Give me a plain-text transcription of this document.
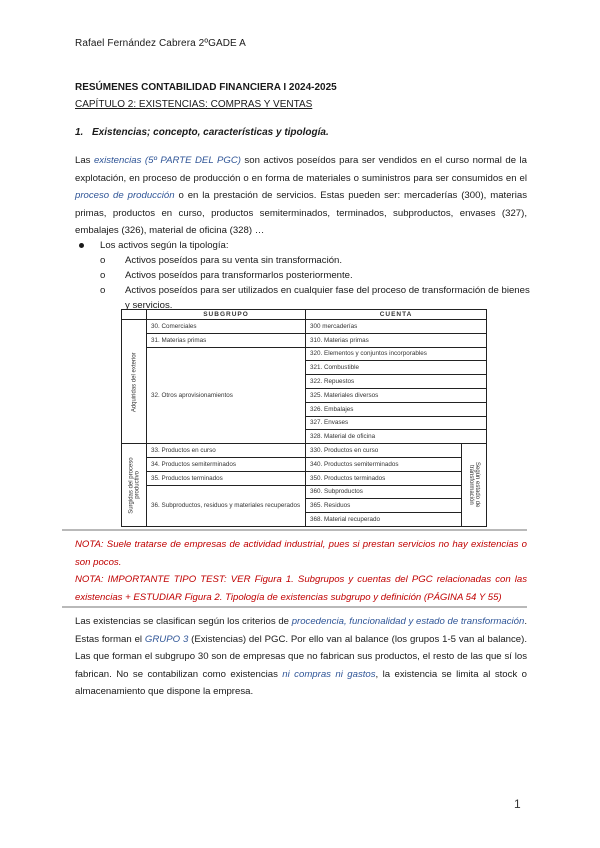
Rafael Fernández Cabrera 2ºGADE A
RESÚMENES CONTABILIDAD FINANCIERA I 2024-2025
CAPÍTULO 2: EXISTENCIAS: COMPRAS Y VENTAS
1. Existencias; concepto, características y tipología.
Las existencias (5º PARTE DEL PGC) son activos poseídos para ser vendidos en el curso normal de la explotación, en proceso de producción o en forma de materiales o suministros para ser consumidos en el proceso de producción o en la prestación de servicios. Estas pueden ser: mercaderías (300), materias primas, productos en curso, productos semiterminados, terminados, subproductos, envases (327), embalajes (326), material de oficina (328) …
Los activos según la tipología:
o Activos poseídos para su venta sin transformación.
o Activos poseídos para transformarlos posteriormente.
o Activos poseídos para ser utilizados en cualquier fase del proceso de transformación de bienes y servicios.
	SUBGRUPO	CUENTA	
Adquiridas del exterior	30. Comerciales	300 mercaderías	
	31. Materias primas	310. Materias primas	
	32. Otros aprovisionamientos	320. Elementos y conjuntos incorporables	
		321. Combustible	
		322. Repuestos	
		325. Materiales diversos	
		326. Embalajes	
		327. Envases	
		328. Material de oficina	
Surgidas del proceso productivo	33. Productos en curso	330. Productos en curso	Según estado de transformación
	34. Productos semiterminados	340. Productos semiterminados	
	35. Productos terminados	350. Productos terminados	
	36. Subproductos, residuos y materiales recuperados	360. Subproductos	
		365. Residuos	
		368. Material recuperado	
NOTA: Suele tratarse de empresas de actividad industrial, pues si prestan servicios no hay existencias o son pocos.
NOTA: IMPORTANTE TIPO TEST: VER Figura 1. Subgrupos y cuentas del PGC relacionadas con las existencias + ESTUDIAR Figura 2. Tipología de existencias subgrupo y definición (PÁGINA 54 Y 55)
Las existencias se clasifican según los criterios de procedencia, funcionalidad y estado de transformación. Estas forman el GRUPO 3 (Existencias) del PGC. Por ello van al balance (los grupos 1-5 van al balance). Las que forman el subgrupo 30 son de empresas que no fabrican sus productos, el resto de las que sí los fabrican. No se contabilizan como existencias ni compras ni gastos, la existencia se limita al stock o almacenamiento que dispone la empresa.
1
